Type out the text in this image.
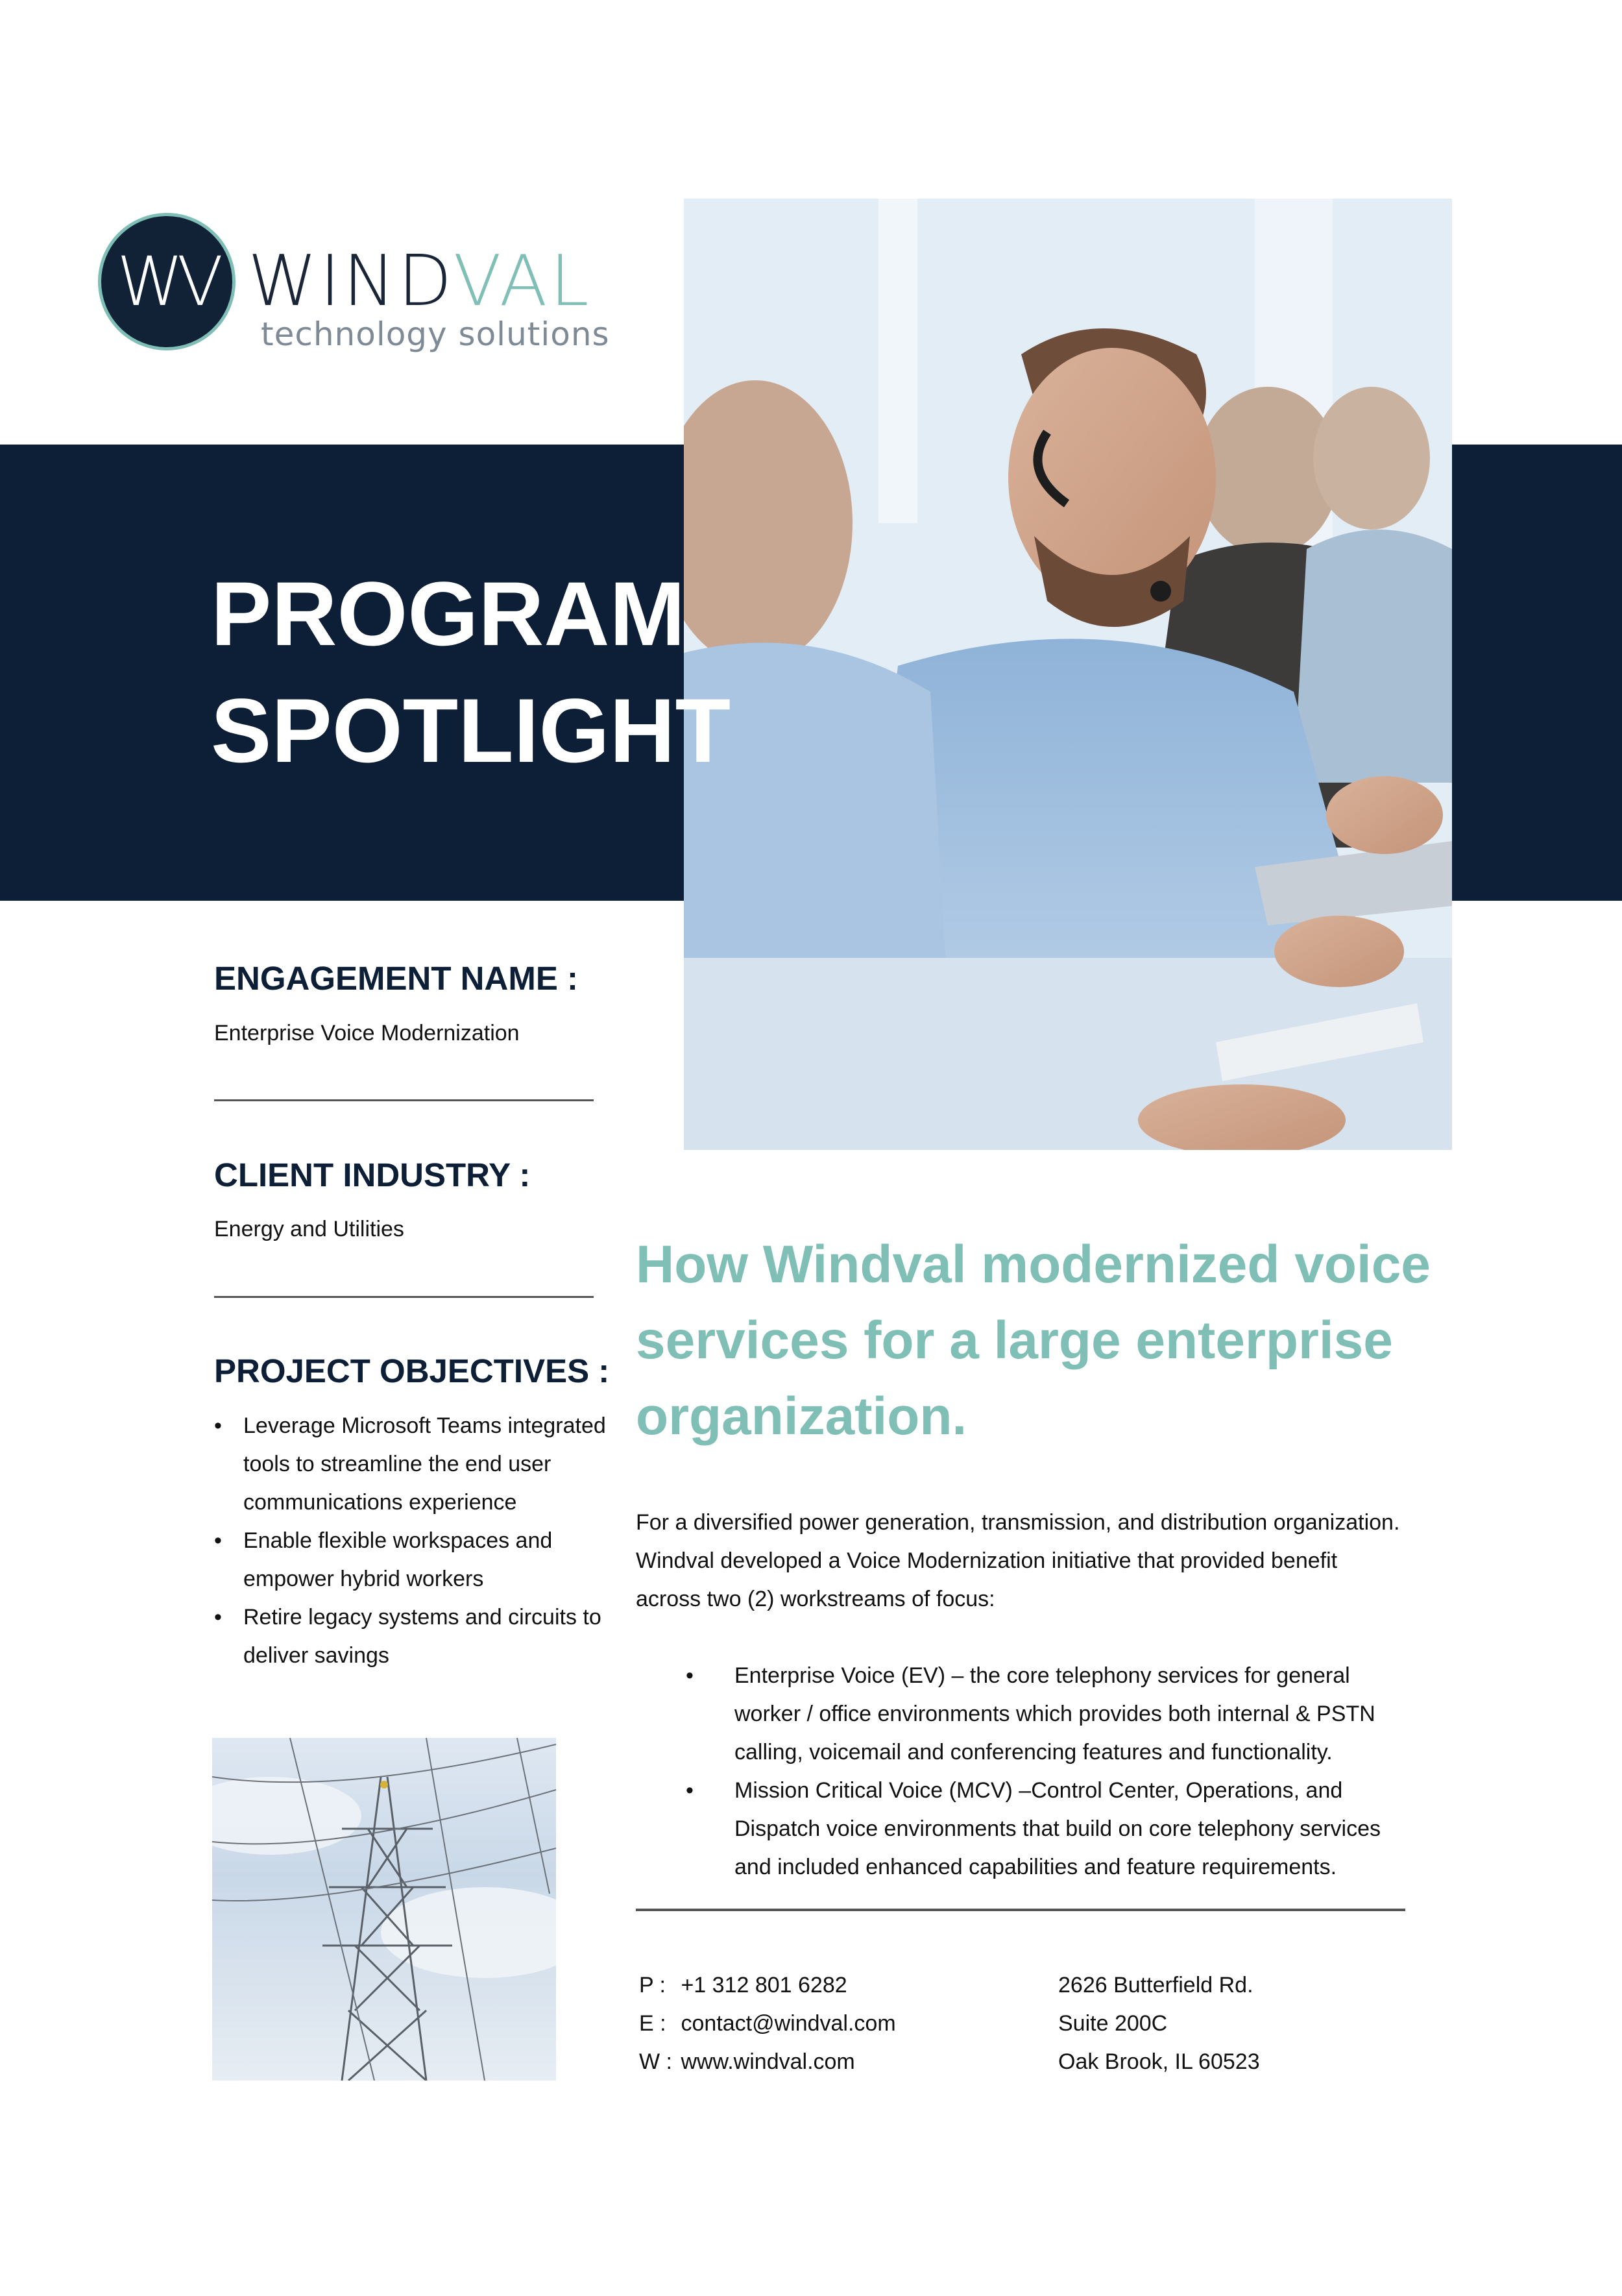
WV WINDVAL
technology solutions
PROGRAM
SPOTLIGHT
ENGAGEMENT NAME :
Enterprise Voice Modernization
CLIENT INDUSTRY :
Energy and Utilities
PROJECT OBJECTIVES :
• Leverage Microsoft Teams integrated tools to streamline the end user communications experience
• Enable flexible workspaces and empower hybrid workers
• Retire legacy systems and circuits to deliver savings
How Windval modernized voice services for a large enterprise organization.
For a diversified power generation, transmission, and distribution organization. Windval developed a Voice Modernization initiative that provided benefit across two (2) workstreams of focus:
• Enterprise Voice (EV) – the core telephony services for general worker / office environments which provides both internal & PSTN calling, voicemail and conferencing features and functionality.
• Mission Critical Voice (MCV) –Control Center, Operations, and Dispatch voice environments that build on core telephony services and included enhanced capabilities and feature requirements.
P : +1 312 801 6282
E : contact@windval.com
W : www.windval.com
2626 Butterfield Rd.
Suite 200C
Oak Brook, IL 60523
